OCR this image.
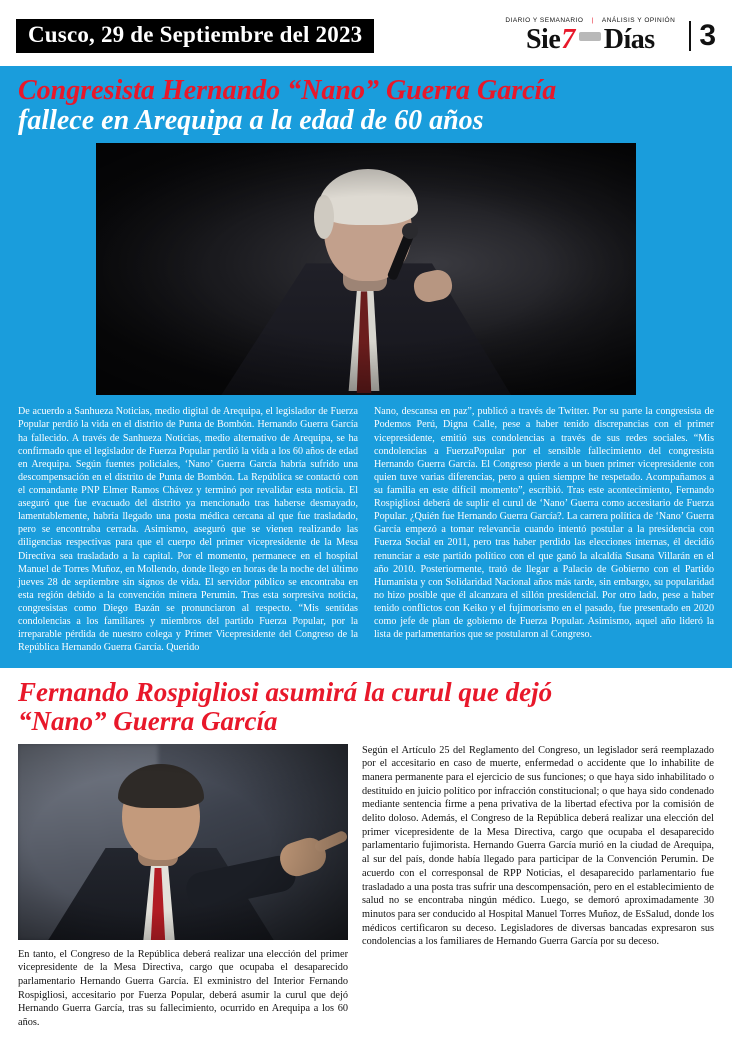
Cusco, 29 de Septiembre del 2023
DIARIO Y SEMANARIO | ANÁLISIS Y OPINIÓN
Sie 7 Días	3
Congresista Hernando “Nano” Guerra García
fallece en Arequipa a la edad de 60 años

De acuerdo a Sanhueza Noticias, medio digital de Arequipa, el legislador de Fuerza Popular perdió la vida en el distrito de Punta de Bombón. Hernando Guerra García ha fallecido. A través de Sanhueza Noticias, medio alternativo de Arequipa, se ha confirmado que el legislador de Fuerza Popular perdió la vida a los 60 años de edad en Arequipa. Según fuentes policiales, ‘Nano’ Guerra García habría sufrido una descompensación en el distrito de Punta de Bombón. La República se contactó con el comandante PNP Elmer Ramos Chávez y terminó por revalidar esta noticia. El aseguró que fue evacuado del distrito ya mencionado tras haberse desmayado, lamentablemente, habría llegado una posta médica cercana al que fue trasladado, pero se encontraba cerrada. Asimismo, aseguró que se vienen realizando las diligencias respectivas para que el cuerpo del primer vicepresidente de la Mesa Directiva sea trasladado a la capital. Por el momento, permanece en el hospital Manuel de Torres Muñoz, en Mollendo, donde llego en horas de la noche del último jueves 28 de septiembre sin signos de vida. El servidor público se encontraba en esta región debido a la convención minera Perumin. Tras esta sorpresiva noticia, congresistas como Diego Bazán se pronunciaron al respecto. “Mis sentidas condolencias a los familiares y miembros del partido Fuerza Popular, por la irreparable pérdida de nuestro colega y Primer Vicepresidente del Congreso de la República Hernando Guerra García. Querido

Nano, descansa en paz”, publicó a través de Twitter. Por su parte la congresista de Podemos Perú, Digna Calle, pese a haber tenido discrepancias con el primer vicepresidente, emitió sus condolencias a través de sus redes sociales. “Mis condolencias a FuerzaPopular por el sensible fallecimiento del congresista Hernando Guerra García. El Congreso pierde a un buen primer vicepresidente con quien tuve varias diferencias, pero a quien siempre he respetado. Acompañamos a su familia en este difícil momento”, escribió. Tras este acontecimiento, Fernando Rospigliosi deberá de suplir el curul de ‘Nano’ Guerra como accesitario de Fuerza Popular. ¿Quién fue Hernando Guerra García?. La carrera política de ‘Nano’ Guerra García empezó a tomar relevancia cuando intentó postular a la presidencia con Fuerza Social en 2011, pero tras haber perdido las elecciones internas, él decidió renunciar a este partido político con el que ganó la alcaldía Susana Villarán en el año 2010. Posteriormente, trató de llegar a Palacio de Gobierno con el Partido Humanista y con Solidaridad Nacional años más tarde, sin embargo, su popularidad no hizo posible que él alcanzara el sillón presidencial. Por otro lado, pese a haber tenido conflictos con Keiko y el fujimorismo en el pasado, fue presentado en 2020 como jefe de plan de gobierno de Fuerza Popular. Asimismo, aquel año lideró la lista de parlamentarios que se postularon al Congreso.

Fernando Rospigliosi asumirá la curul que dejó
“Nano” Guerra García

En tanto, el Congreso de la República deberá realizar una elección del primer vicepresidente de la Mesa Directiva, cargo que ocupaba el desaparecido parlamentario Hernando Guerra García. El exministro del Interior Fernando Rospigliosi, accesitario por Fuerza Popular, deberá asumir la curul que dejó Hernando Guerra García, tras su fallecimiento, ocurrido en Arequipa a los 60 años.

Según el Artículo 25 del Reglamento del Congreso, un legislador será reemplazado por el accesitario en caso de muerte, enfermedad o accidente que lo inhabilite de manera permanente para el ejercicio de sus funciones; o que haya sido inhabilitado o destituido en juicio político por infracción constitucional; o que haya sido condenado mediante sentencia firme a pena privativa de la libertad efectiva por la comisión de delito doloso. Además, el Congreso de la República deberá realizar una elección del primer vicepresidente de la Mesa Directiva, cargo que ocupaba el desaparecido parlamentario fujimorista. Hernando Guerra García murió en la ciudad de Arequipa, al sur del país, donde había llegado para participar de la Convención Perumin. De acuerdo con el corresponsal de RPP Noticias, el desaparecido parlamentario fue trasladado a una posta tras sufrir una descompensación, pero en el establecimiento de salud no se encontraba ningún médico. Luego, se demoró aproximadamente 30 minutos para ser conducido al Hospital Manuel Torres Muñoz, de EsSalud, donde los médicos certificaron su deceso. Legisladores de diversas bancadas expresaron sus condolencias a los familiares de Hernando Guerra García por su deceso.
